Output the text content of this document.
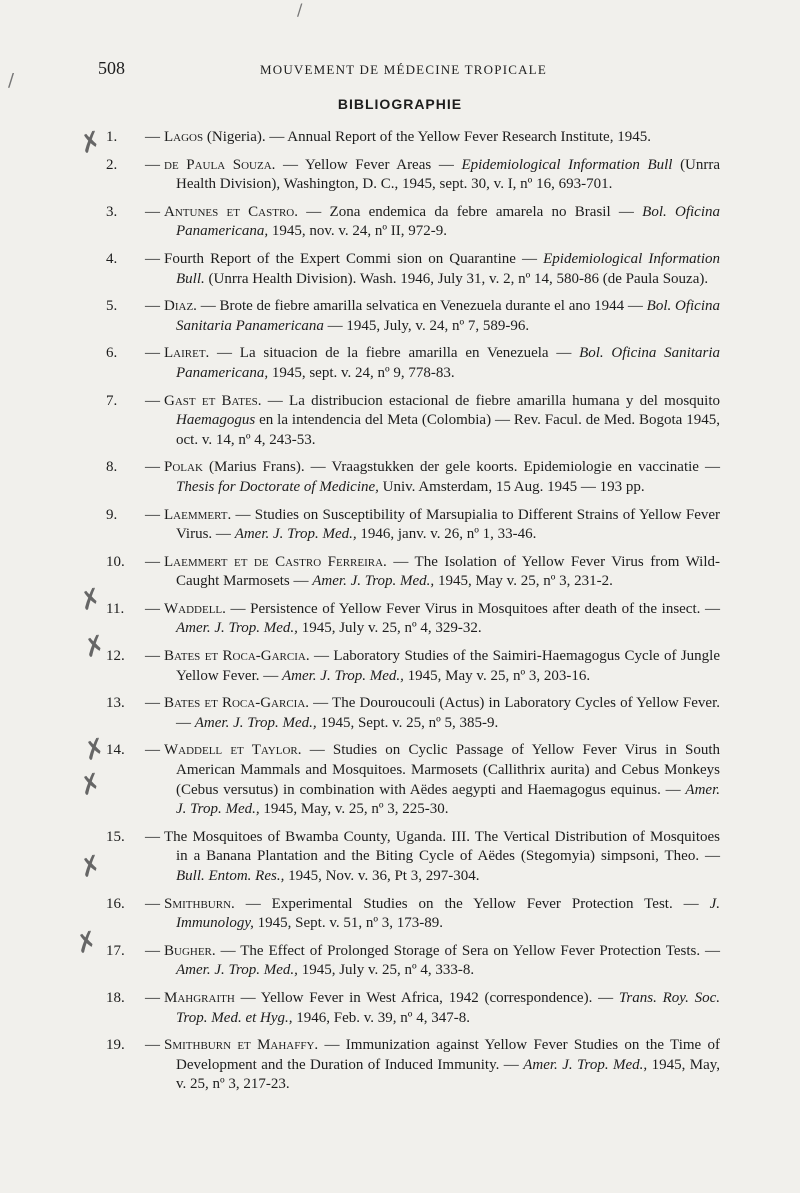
508	MOUVEMENT DE MÉDECINE TROPICALE
BIBLIOGRAPHIE
1.	— Lagos (Nigeria). — Annual Report of the Yellow Fever Research Institute, 1945.
2.	— de Paula Souza. — Yellow Fever Areas — Epidemiological Information Bull (Unrra Health Division), Washington, D. C., 1945, sept. 30, v. I, nº 16, 693-701.
3.	— Antunes et Castro. — Zona endemica da febre amarela no Brasil — Bol. Oficina Panamericana, 1945, nov. v. 24, nº II, 972-9.
4.	— Fourth Report of the Expert Commi sion on Quarantine — Epidemiological Information Bull. (Unrra Health Division). Wash. 1946, July 31, v. 2, nº 14, 580-86 (de Paula Souza).
5.	— Diaz. — Brote de fiebre amarilla selvatica en Venezuela durante el ano 1944 — Bol. Oficina Sanitaria Panamericana — 1945, July, v. 24, nº 7, 589-96.
6.	— Lairet. — La situacion de la fiebre amarilla en Venezuela — Bol. Oficina Sanitaria Panamericana, 1945, sept. v. 24, nº 9, 778-83.
7.	— Gast et Bates. — La distribucion estacional de fiebre amarilla humana y del mosquito Haemagogus en la intendencia del Meta (Colombia) — Rev. Facul. de Med. Bogota 1945, oct. v. 14, nº 4, 243-53.
8.	— Polak (Marius Frans). — Vraagstukken der gele koorts. Epidemiologie en vaccinatie — Thesis for Doctorate of Medicine, Univ. Amsterdam, 15 Aug. 1945 — 193 pp.
9.	— Laemmert. — Studies on Susceptibility of Marsupialia to Different Strains of Yellow Fever Virus. — Amer. J. Trop. Med., 1946, janv. v. 26, nº 1, 33-46.
10.	— Laemmert et de Castro Ferreira. — The Isolation of Yellow Fever Virus from Wild-Caught Marmosets — Amer. J. Trop. Med., 1945, May v. 25, nº 3, 231-2.
11.	— Waddell. — Persistence of Yellow Fever Virus in Mosquitoes after death of the insect. — Amer. J. Trop. Med., 1945, July v. 25, nº 4, 329-32.
12.	— Bates et Roca-Garcia. — Laboratory Studies of the Saimiri-Haemagogus Cycle of Jungle Yellow Fever. — Amer. J. Trop. Med., 1945, May v. 25, nº 3, 203-16.
13.	— Bates et Roca-Garcia. — The Douroucouli (Actus) in Laboratory Cycles of Yellow Fever. — Amer. J. Trop. Med., 1945, Sept. v. 25, nº 5, 385-9.
14.	— Waddell et Taylor. — Studies on Cyclic Passage of Yellow Fever Virus in South American Mammals and Mosquitoes. Marmosets (Callithrix aurita) and Cebus Monkeys (Cebus versutus) in combination with Aëdes aegypti and Haemagogus equinus. — Amer. J. Trop. Med., 1945, May, v. 25, nº 3, 225-30.
15.	— The Mosquitoes of Bwamba County, Uganda. III. The Vertical Distribution of Mosquitoes in a Banana Plantation and the Biting Cycle of Aëdes (Stegomyia) simpsoni, Theo. — Bull. Entom. Res., 1945, Nov. v. 36, Pt 3, 297-304.
16.	— Smithburn. — Experimental Studies on the Yellow Fever Protection Test. — J. Immunology, 1945, Sept. v. 51, nº 3, 173-89.
17.	— Bugher. — The Effect of Prolonged Storage of Sera on Yellow Fever Protection Tests. — Amer. J. Trop. Med., 1945, July v. 25, nº 4, 333-8.
18.	— Mahgraith — Yellow Fever in West Africa, 1942 (correspondence). — Trans. Roy. Soc. Trop. Med. et Hyg., 1946, Feb. v. 39, nº 4, 347-8.
19.	— Smithburn et Mahaffy. — Immunization against Yellow Fever Studies on the Time of Development and the Duration of Induced Immunity. — Amer. J. Trop. Med., 1945, May, v. 25, nº 3, 217-23.
✗
✗
✗
✗
✗
✗
✗
/
/
